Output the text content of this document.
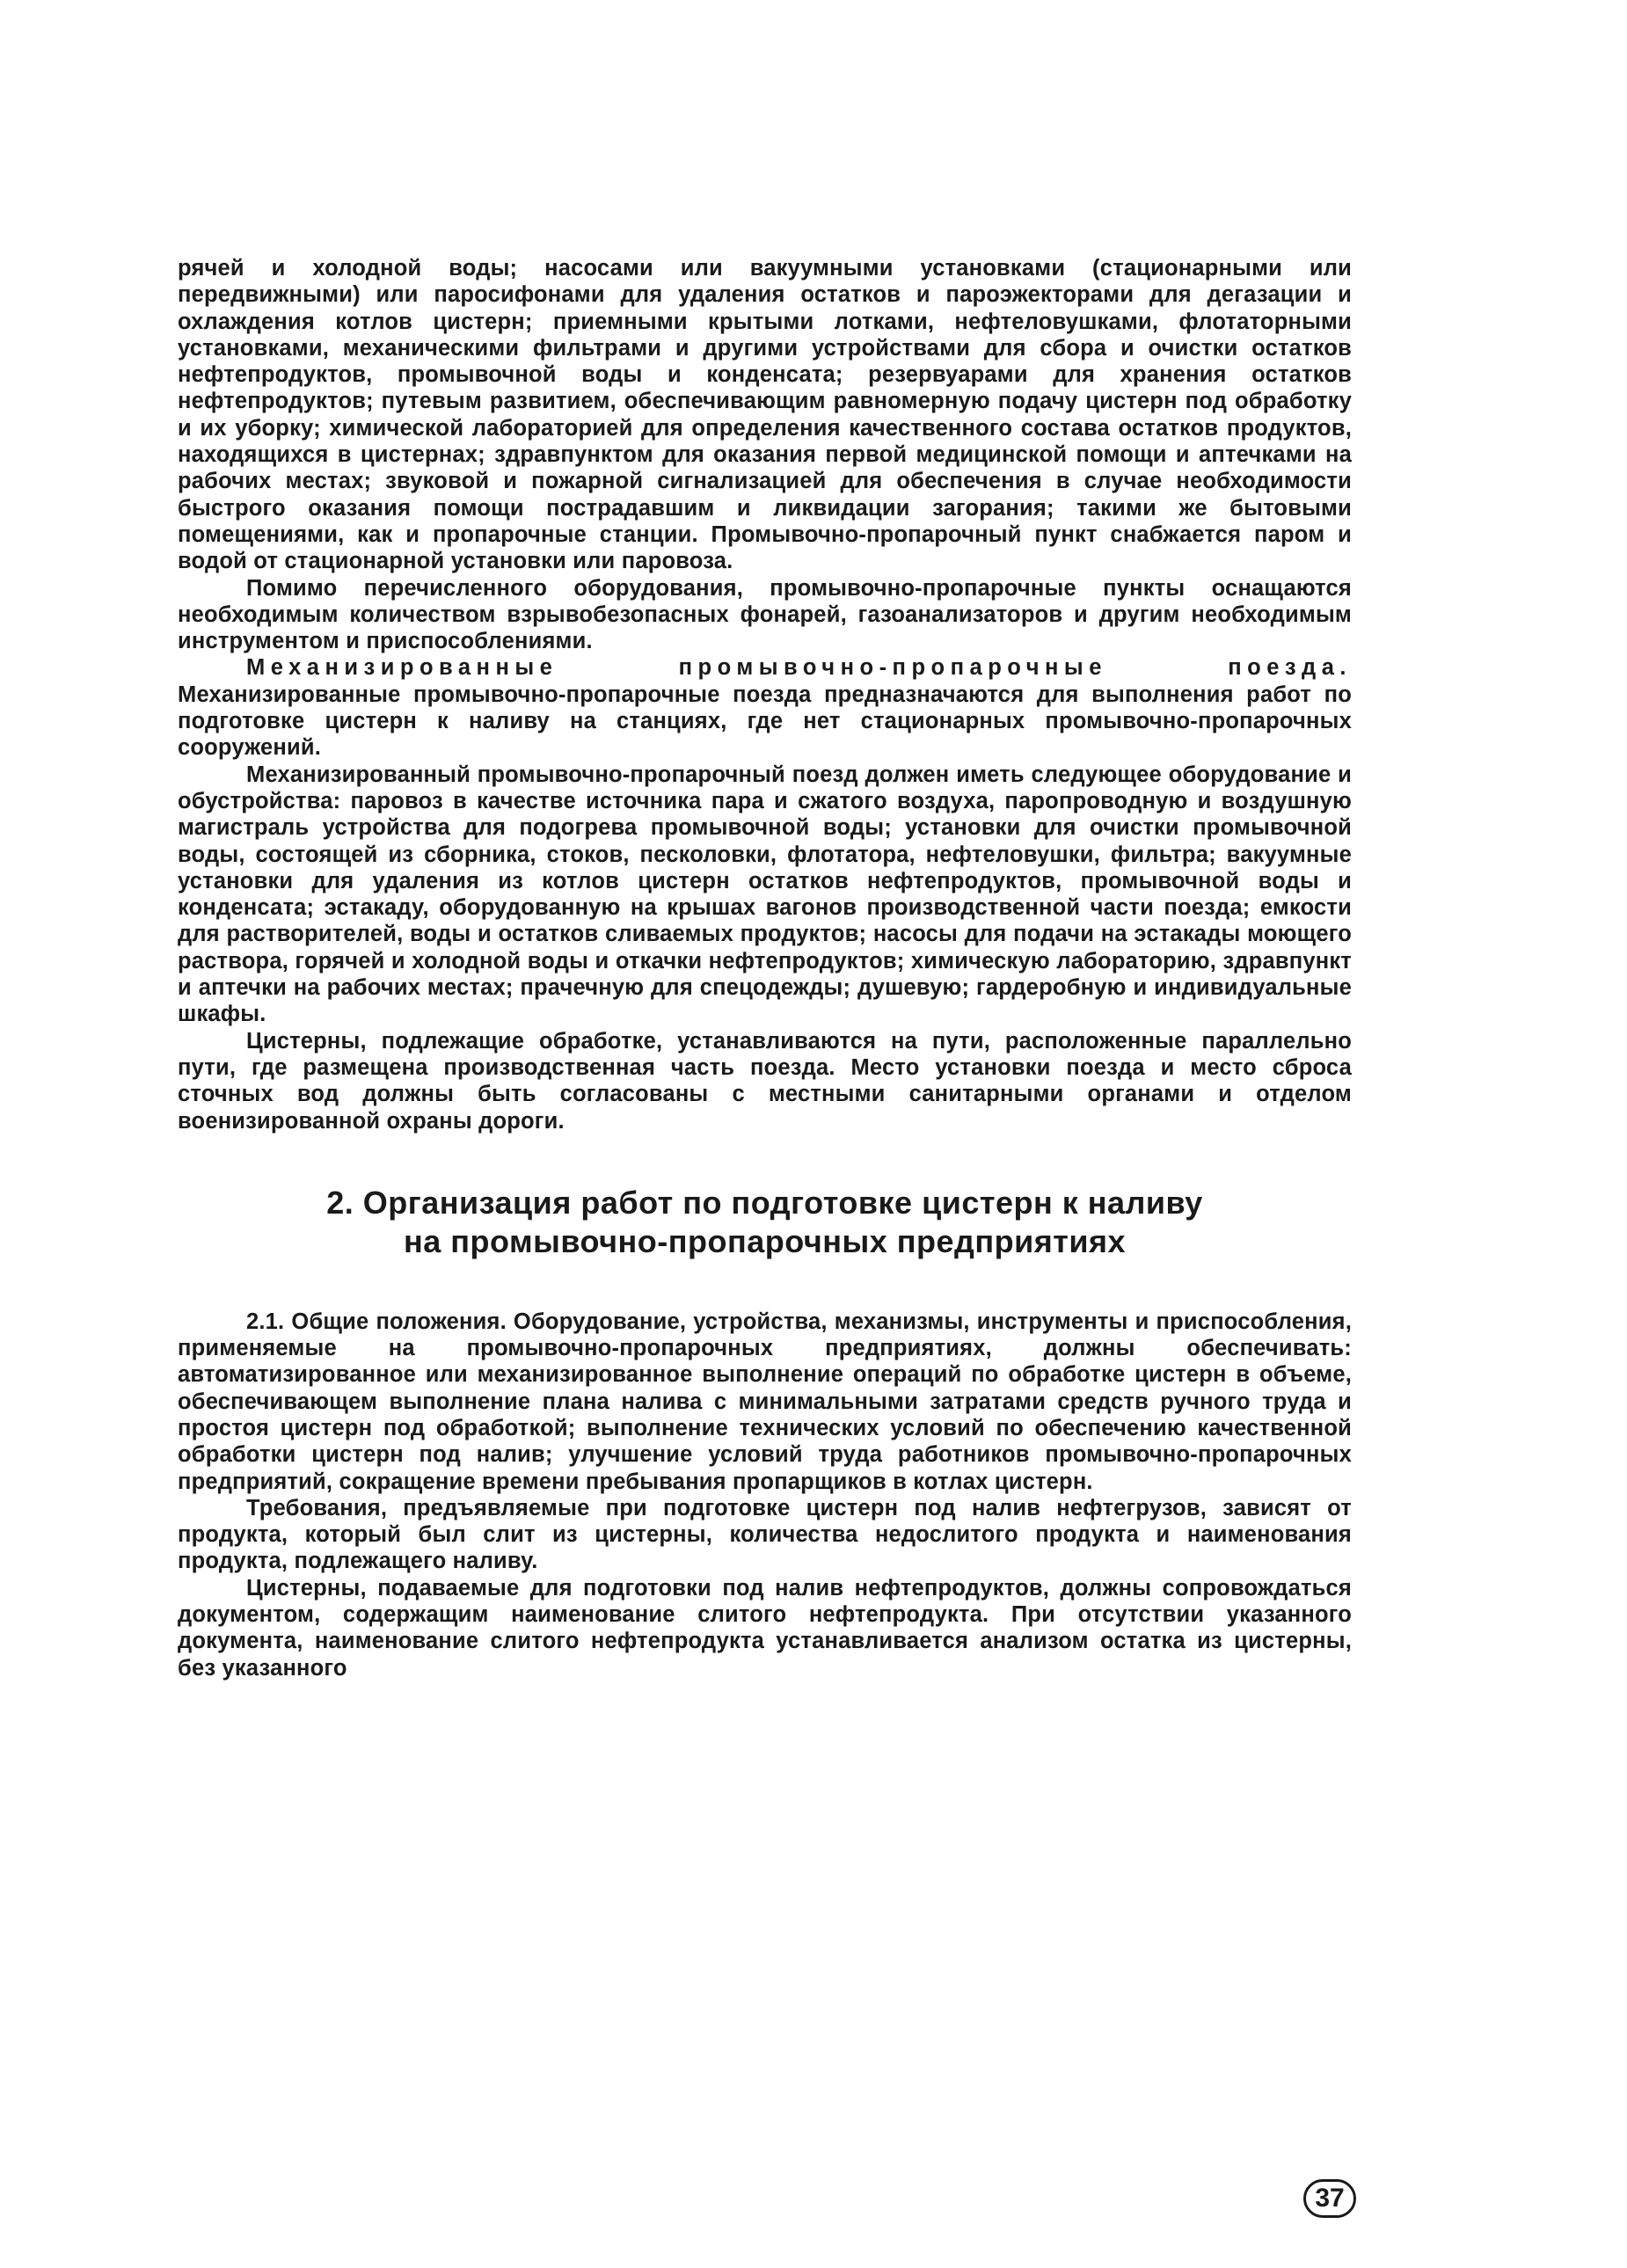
рячей и холодной воды; насосами или вакуумными установками (стационарными или передвижными) или паросифонами для удаления остатков и пароэжекторами для дегазации и охлаждения котлов цистерн; приемными крытыми лотками, нефтеловушками, флотаторными установками, механическими фильтрами и другими устройствами для сбора и очистки остатков нефтепродуктов, промывочной воды и конденсата; резервуарами для хранения остатков нефтепродуктов; путевым развитием, обеспечивающим равномерную подачу цистерн под обработку и их уборку; химической лабораторией для определения качественного состава остатков продуктов, находящихся в цистернах; здравпунктом для оказания первой медицинской помощи и аптечками на рабочих местах; звуковой и пожарной сигнализацией для обеспечения в случае необходимости быстрого оказания помощи пострадавшим и ликвидации загорания; такими же бытовыми помещениями, как и пропарочные станции. Промывочно-пропарочный пункт снабжается паром и водой от стационарной установки или паровоза.

Помимо перечисленного оборудования, промывочно-пропарочные пункты оснащаются необходимым количеством взрывобезопасных фонарей, газоанализаторов и другим необходимым инструментом и приспособлениями.

Механизированные промывочно-пропарочные поезда. Механизированные промывочно-пропарочные поезда предназначаются для выполнения работ по подготовке цистерн к наливу на станциях, где нет стационарных промывочно-пропарочных сооружений.

Механизированный промывочно-пропарочный поезд должен иметь следующее оборудование и обустройства: паровоз в качестве источника пара и сжатого воздуха, паропроводную и воздушную магистраль устройства для подогрева промывочной воды; установки для очистки промывочной воды, состоящей из сборника, стоков, песколовки, флотатора, нефтеловушки, фильтра; вакуумные установки для удаления из котлов цистерн остатков нефтепродуктов, промывочной воды и конденсата; эстакаду, оборудованную на крышах вагонов производственной части поезда; емкости для растворителей, воды и остатков сливаемых продуктов; насосы для подачи на эстакады моющего раствора, горячей и холодной воды и откачки нефтепродуктов; химическую лабораторию, здравпункт и аптечки на рабочих местах; прачечную для спецодежды; душевую; гардеробную и индивидуальные шкафы.

Цистерны, подлежащие обработке, устанавливаются на пути, расположенные параллельно пути, где размещена производственная часть поезда. Место установки поезда и место сброса сточных вод должны быть согласованы с местными санитарными органами и отделом военизированной охраны дороги.

2. Организация работ по подготовке цистерн к наливу
на промывочно-пропарочных предприятиях

2.1. Общие положения. Оборудование, устройства, механизмы, инструменты и приспособления, применяемые на промывочно-пропарочных предприятиях, должны обеспечивать: автоматизированное или механизированное выполнение операций по обработке цистерн в объеме, обеспечивающем выполнение плана налива с минимальными затратами средств ручного труда и простоя цистерн под обработкой; выполнение технических условий по обеспечению качественной обработки цистерн под налив; улучшение условий труда работников промывочно-пропарочных предприятий, сокращение времени пребывания пропарщиков в котлах цистерн.

Требования, предъявляемые при подготовке цистерн под налив нефтегрузов, зависят от продукта, который был слит из цистерны, количества недослитого продукта и наименования продукта, подлежащего наливу.

Цистерны, подаваемые для подготовки под налив нефтепродуктов, должны сопровождаться документом, содержащим наименование слитого нефтепродукта. При отсутствии указанного документа, наименование слитого нефтепродукта устанавливается анализом остатка из цистерны, без указанного

37
